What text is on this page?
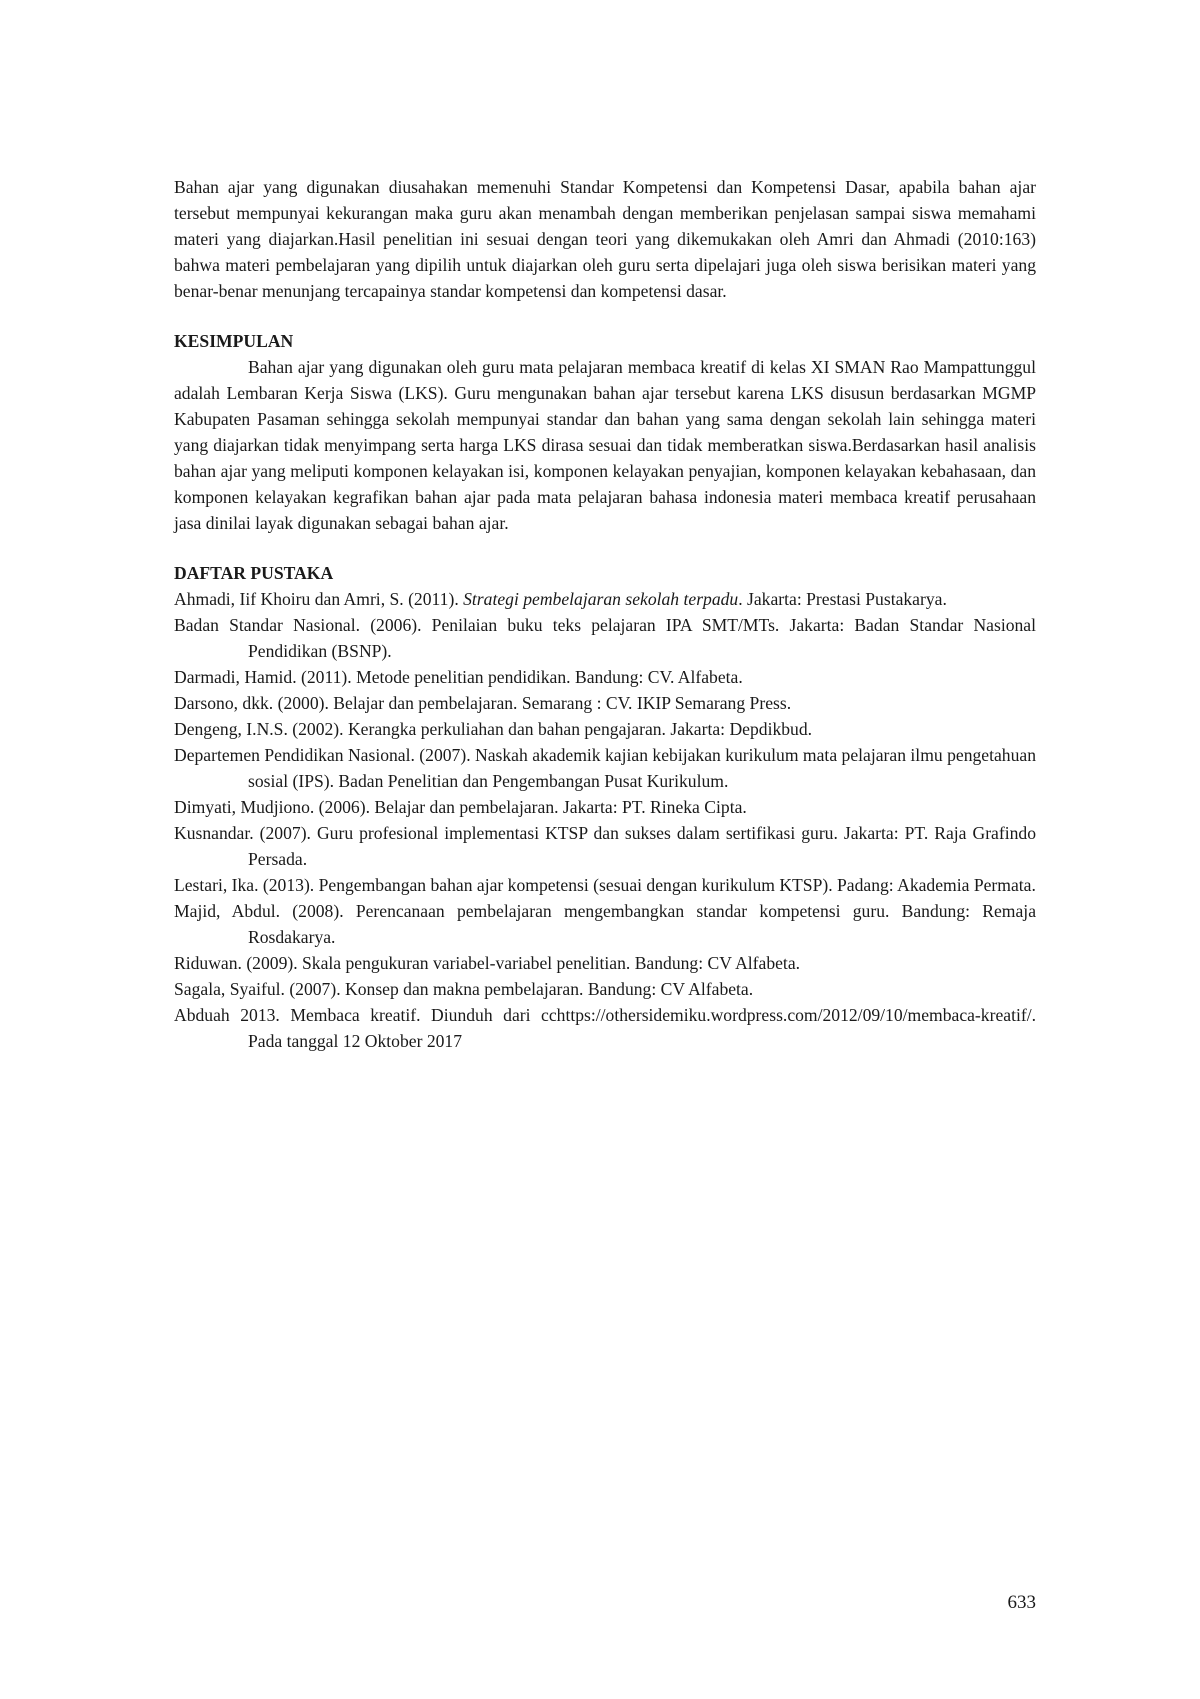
Bahan ajar yang digunakan diusahakan memenuhi Standar Kompetensi dan Kompetensi Dasar, apabila bahan ajar tersebut mempunyai kekurangan maka guru akan menambah dengan memberikan penjelasan sampai siswa memahami materi yang diajarkan.Hasil penelitian ini sesuai dengan teori yang dikemukakan oleh Amri dan Ahmadi (2010:163) bahwa materi pembelajaran yang dipilih untuk diajarkan oleh guru serta dipelajari juga oleh siswa berisikan materi yang benar-benar menunjang tercapainya standar kompetensi dan kompetensi dasar.

KESIMPULAN

Bahan ajar yang digunakan oleh guru mata pelajaran membaca kreatif di kelas XI SMAN Rao Mampattunggul adalah Lembaran Kerja Siswa (LKS). Guru mengunakan bahan ajar tersebut karena LKS disusun berdasarkan MGMP Kabupaten Pasaman sehingga sekolah mempunyai standar dan bahan yang sama dengan sekolah lain sehingga materi yang diajarkan tidak menyimpang serta harga LKS dirasa sesuai dan tidak memberatkan siswa.Berdasarkan hasil analisis bahan ajar yang meliputi komponen kelayakan isi, komponen kelayakan penyajian, komponen kelayakan kebahasaan, dan komponen kelayakan kegrafikan bahan ajar pada mata pelajaran bahasa indonesia materi membaca kreatif perusahaan jasa dinilai layak digunakan sebagai bahan ajar.

DAFTAR PUSTAKA
Ahmadi, Iif Khoiru dan Amri, S. (2011). Strategi pembelajaran sekolah terpadu. Jakarta: Prestasi Pustakarya.
Badan Standar Nasional. (2006). Penilaian buku teks pelajaran IPA SMT/MTs. Jakarta: Badan Standar Nasional Pendidikan (BSNP).
Darmadi, Hamid. (2011). Metode penelitian pendidikan. Bandung: CV. Alfabeta.
Darsono, dkk. (2000). Belajar dan pembelajaran. Semarang : CV. IKIP Semarang Press.
Dengeng, I.N.S. (2002). Kerangka perkuliahan dan bahan pengajaran. Jakarta: Depdikbud.
Departemen Pendidikan Nasional. (2007). Naskah akademik kajian kebijakan kurikulum mata pelajaran ilmu pengetahuan sosial (IPS). Badan Penelitian dan Pengembangan Pusat Kurikulum.
Dimyati, Mudjiono. (2006). Belajar dan pembelajaran. Jakarta: PT. Rineka Cipta.
Kusnandar. (2007). Guru profesional implementasi KTSP dan sukses dalam sertifikasi guru. Jakarta: PT. Raja Grafindo Persada.
Lestari, Ika. (2013). Pengembangan bahan ajar kompetensi (sesuai dengan kurikulum KTSP). Padang: Akademia Permata.
Majid, Abdul. (2008). Perencanaan pembelajaran mengembangkan standar kompetensi guru. Bandung: Remaja Rosdakarya.
Riduwan. (2009). Skala pengukuran variabel-variabel penelitian. Bandung: CV Alfabeta.
Sagala, Syaiful. (2007). Konsep dan makna pembelajaran. Bandung: CV Alfabeta.
Abduah 2013. Membaca kreatif. Diunduh dari cchttps://othersidemiku.wordpress.com/2012/09/10/membaca-kreatif/. Pada tanggal 12 Oktober 2017
633
